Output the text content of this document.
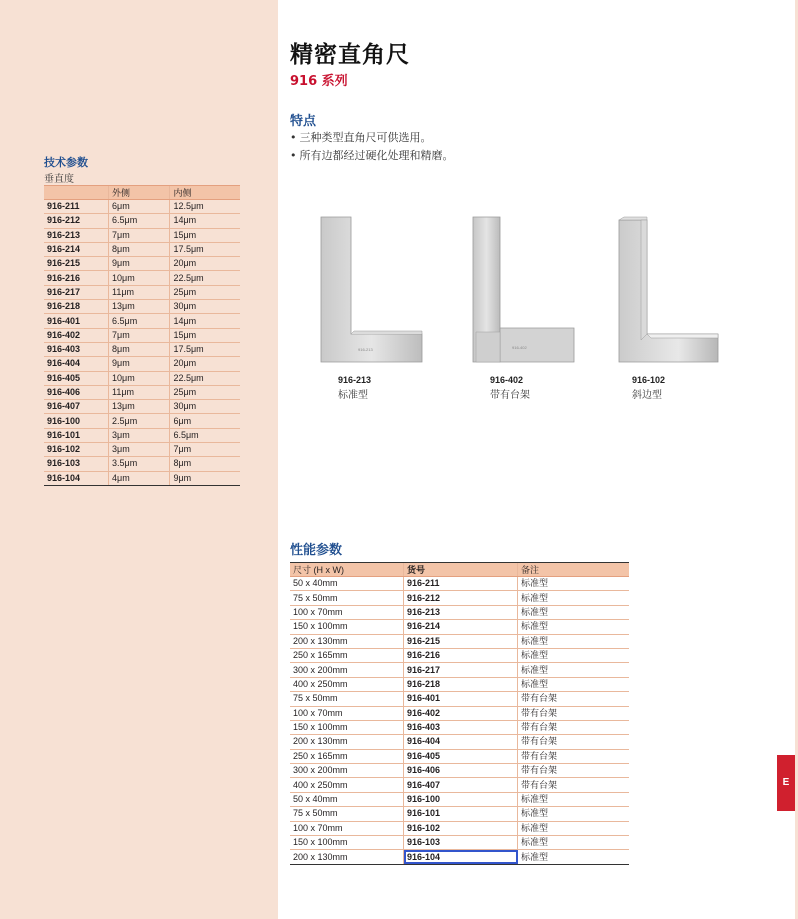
技术参数
垂直度
	外侧	内侧
916-211	6μm	12.5μm
916-212	6.5μm	14μm
916-213	7μm	15μm
916-214	8μm	17.5μm
916-215	9μm	20μm
916-216	10μm	22.5μm
916-217	11μm	25μm
916-218	13μm	30μm
916-401	6.5μm	14μm
916-402	7μm	15μm
916-403	8μm	17.5μm
916-404	9μm	20μm
916-405	10μm	22.5μm
916-406	11μm	25μm
916-407	13μm	30μm
916-100	2.5μm	6μm
916-101	3μm	6.5μm
916-102	3μm	7μm
916-103	3.5μm	8μm
916-104	4μm	9μm
精密直角尺
916 系列
特点
• 三种类型直角尺可供选用。
• 所有边都经过硬化处理和精磨。
916-213	916-402
916-213
标准型
916-402
带有台架
916-102
斜边型
性能参数
尺寸 (H x W)	货号	备注
50 x 40mm	916-211	标准型
75 x 50mm	916-212	标准型
100 x 70mm	916-213	标准型
150 x 100mm	916-214	标准型
200 x 130mm	916-215	标准型
250 x 165mm	916-216	标准型
300 x 200mm	916-217	标准型
400 x 250mm	916-218	标准型
75 x 50mm	916-401	带有台架
100 x 70mm	916-402	带有台架
150 x 100mm	916-403	带有台架
200 x 130mm	916-404	带有台架
250 x 165mm	916-405	带有台架
300 x 200mm	916-406	带有台架
400 x 250mm	916-407	带有台架
50 x 40mm	916-100	标准型
75 x 50mm	916-101	标准型
100 x 70mm	916-102	标准型
150 x 100mm	916-103	标准型
200 x 130mm	916-104	标准型
E
